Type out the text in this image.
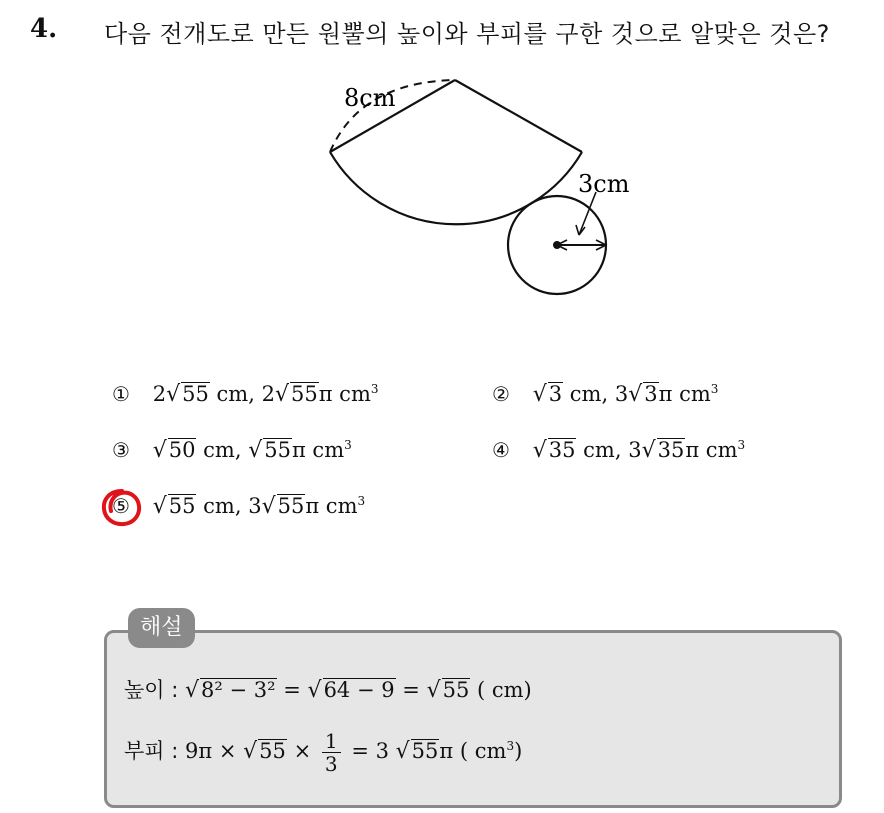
4. 다음 전개도로 만든 원뿔의 높이와 부피를 구한 것으로 알맞은 것은?
8cm
3cm
① 2√55 cm, 2√55π $cm^3$	② √3 cm, 3√3π $cm^3$
③ √50 cm, √55π $cm^3$	④ √35 cm, 3√35π $cm^3$
⑤ √55 cm, 3√55π $cm^3$
해설
높이 : √8² − 3² = √64 − 9 = √55 ( cm)
부피 : $9\pi \times √55 \times \frac{1}{3} = 3$ √55π ( $cm^3$)
